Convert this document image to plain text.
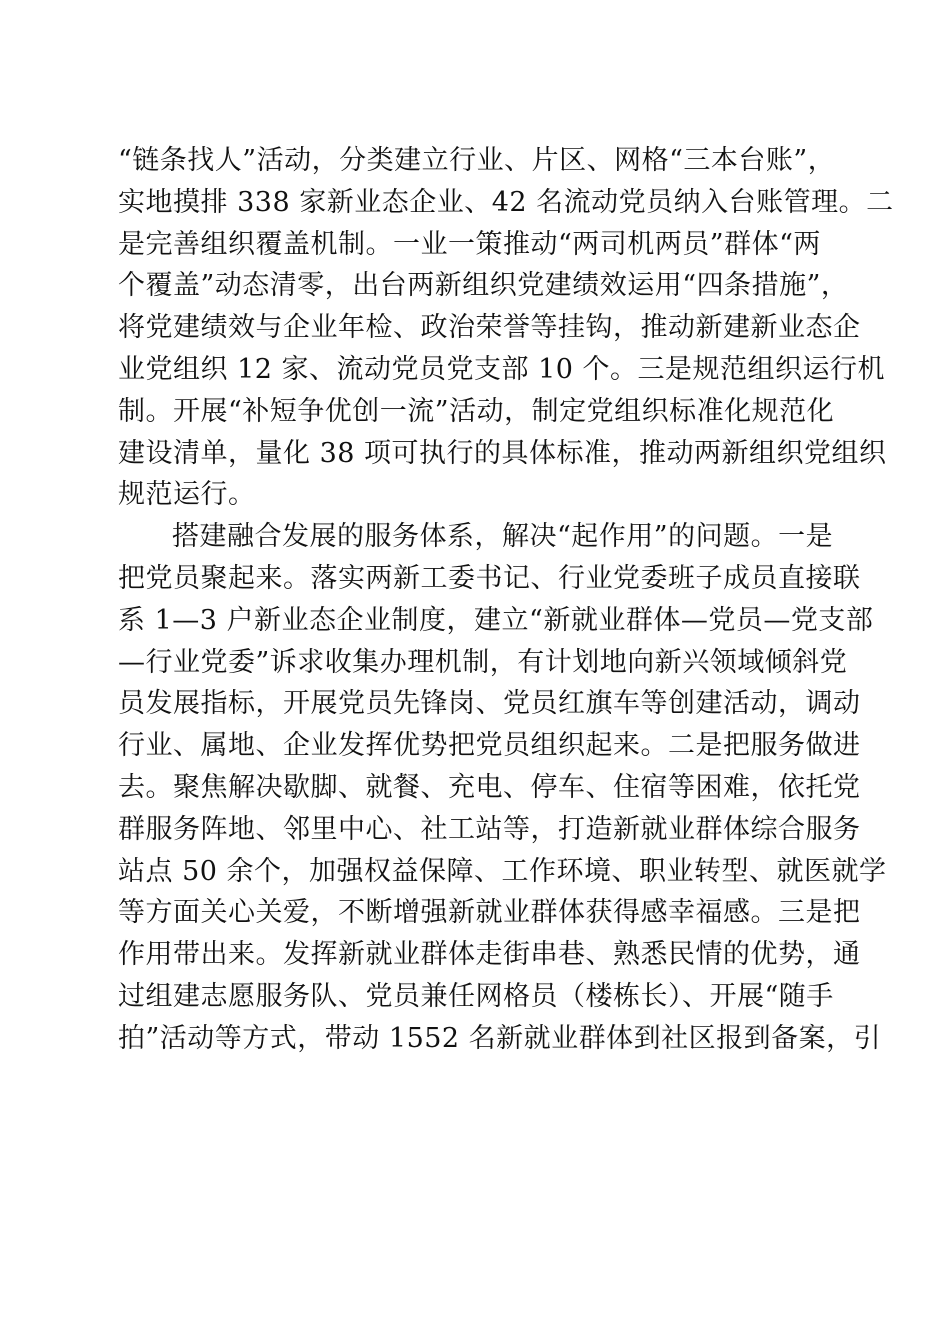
“链条找人”活动，分类建立行业、片区、网格“三本台账”，
实地摸排 338 家新业态企业、42 名流动党员纳入台账管理。二
是完善组织覆盖机制。一业一策推动“两司机两员”群体“两
个覆盖”动态清零，出台两新组织党建绩效运用“四条措施”，
将党建绩效与企业年检、政治荣誉等挂钩，推动新建新业态企
业党组织 12 家、流动党员党支部 10 个。三是规范组织运行机
制。开展“补短争优创一流”活动，制定党组织标准化规范化
建设清单，量化 38 项可执行的具体标准，推动两新组织党组织
规范运行。
搭建融合发展的服务体系，解决“起作用”的问题。一是
把党员聚起来。落实两新工委书记、行业党委班子成员直接联
系 1—3 户新业态企业制度，建立“新就业群体—党员—党支部
—行业党委”诉求收集办理机制，有计划地向新兴领域倾斜党
员发展指标，开展党员先锋岗、党员红旗车等创建活动，调动
行业、属地、企业发挥优势把党员组织起来。二是把服务做进
去。聚焦解决歇脚、就餐、充电、停车、住宿等困难，依托党
群服务阵地、邻里中心、社工站等，打造新就业群体综合服务
站点 50 余个，加强权益保障、工作环境、职业转型、就医就学
等方面关心关爱，不断增强新就业群体获得感幸福感。三是把
作用带出来。发挥新就业群体走街串巷、熟悉民情的优势，通
过组建志愿服务队、党员兼任网格员（楼栋长）、开展“随手
拍”活动等方式，带动 1552 名新就业群体到社区报到备案，引
